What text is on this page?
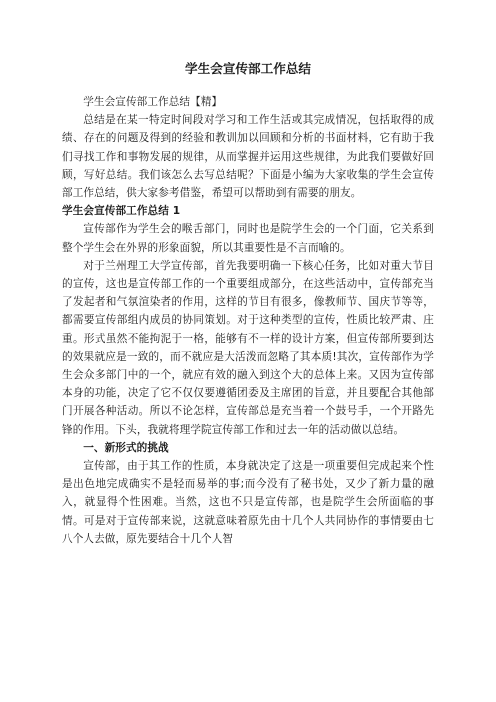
学生会宣传部工作总结

学生会宣传部工作总结【精】

总结是在某一特定时间段对学习和工作生活或其完成情况，包括取得的成绩、存在的问题及得到的经验和教训加以回顾和分析的书面材料，它有助于我们寻找工作和事物发展的规律，从而掌握并运用这些规律，为此我们要做好回顾，写好总结。我们该怎么去写总结呢？下面是小编为大家收集的学生会宣传部工作总结，供大家参考借鉴，希望可以帮助到有需要的朋友。

学生会宣传部工作总结 1

宣传部作为学生会的喉舌部门，同时也是院学生会的一个门面，它关系到整个学生会在外界的形象面貌，所以其重要性是不言而喻的。

对于兰州理工大学宣传部，首先我要明确一下核心任务，比如对重大节目的宣传，这也是宣传部工作的一个重要组成部分，在这些活动中，宣传部充当了发起者和气氛渲染者的作用，这样的节目有很多，像教师节、国庆节等等，都需要宣传部组内成员的协同策划。对于这种类型的宣传，性质比较严肃、庄重。形式虽然不能拘泥于一格，能够有不一样的设计方案，但宣传部所要到达的效果就应是一致的，而不就应是大活泼而忽略了其本质!其次，宣传部作为学生会众多部门中的一个，就应有效的融入到这个大的总体上来。又因为宣传部本身的功能，决定了它不仅仅要遵循团委及主席团的旨意，并且要配合其他部门开展各种活动。所以不论怎样，宣传部总是充当着一个鼓号手，一个开路先锋的作用。下头，我就将理学院宣传部工作和过去一年的活动做以总结。

一、新形式的挑战

宣传部，由于其工作的性质，本身就决定了这是一项重要但完成起来个性是出色地完成确实不是轻而易举的事;而今没有了秘书处，又少了新力量的融入，就显得个性困难。当然，这也不只是宣传部，也是院学生会所面临的事情。可是对于宣传部来说，这就意味着原先由十几个人共同协作的事情要由七八个人去做，原先要结合十几个人智
